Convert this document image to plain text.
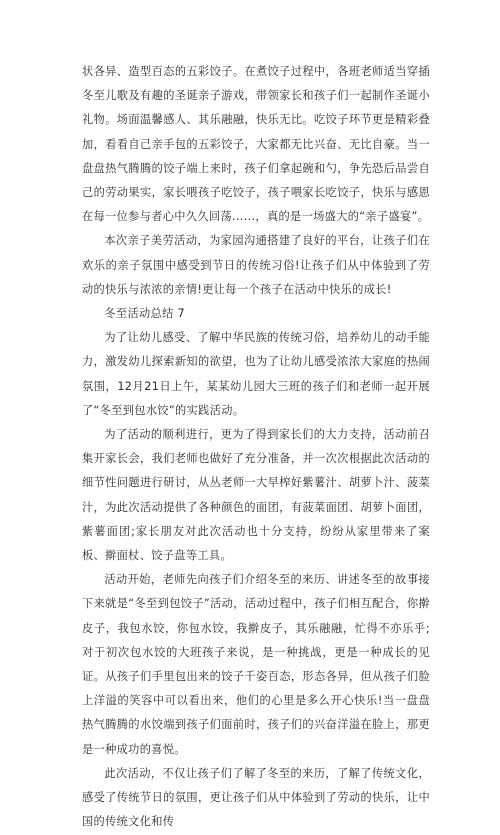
状各异、造型百态的五彩饺子。在煮饺子过程中，各班老师适当穿插冬至儿歌及有趣的圣诞亲子游戏，带领家长和孩子们一起制作圣诞小礼物。场面温馨感人、其乐融融，快乐无比。吃饺子环节更是精彩叠加，看看自己亲手包的五彩饺子，大家都无比兴奋、无比自豪。当一盘盘热气腾腾的饺子端上来时，孩子们拿起碗和勺，争先恐后品尝自己的劳动果实，家长喂孩子吃饺子，孩子喂家长吃饺子，快乐与感恩在每一位参与者心中久久回荡......，真的是一场盛大的“亲子盛宴”。

本次亲子美劳活动，为家园沟通搭建了良好的平台，让孩子们在欢乐的亲子氛围中感受到节日的传统习俗!让孩子们从中体验到了劳动的快乐与浓浓的亲情!更让每一个孩子在活动中快乐的成长!

冬至活动总结 7

为了让幼儿感受、了解中华民族的传统习俗，培养幼儿的动手能力，激发幼儿探索新知的欲望，也为了让幼儿感受浓浓大家庭的热闹氛围，12月21日上午，某某幼儿园大三班的孩子们和老师一起开展了“冬至到包水饺”的实践活动。

为了活动的顺利进行，更为了得到家长们的大力支持，活动前召集开家长会，我们老师也做好了充分准备，并一次次根据此次活动的细节性问题进行研讨，从丛老师一大早榨好紫薯汁、胡萝卜汁、菠菜汁，为此次活动提供了各种颜色的面团，有菠菜面团、胡萝卜面团，紫薯面团;家长朋友对此次活动也十分支持，纷纷从家里带来了案板、擀面杖、饺子盘等工具。

活动开始，老师先向孩子们介绍冬至的来历、讲述冬至的故事接下来就是“冬至到包饺子”活动，活动过程中，孩子们相互配合，你擀皮子，我包水饺，你包水饺，我擀皮子，其乐融融，忙得不亦乐乎;对于初次包水饺的大班孩子来说，是一种挑战，更是一种成长的见证。从孩子们手里包出来的饺子千姿百态，形态各异，但从孩子们脸上洋溢的笑容中可以看出来，他们的心里是多么开心快乐!当一盘盘热气腾腾的水饺端到孩子们面前时，孩子们的兴奋洋溢在脸上，那更是一种成功的喜悦。

此次活动，不仅让孩子们了解了冬至的来历，了解了传统文化，感受了传统节日的氛围，更让孩子们从中体验到了劳动的快乐，让中国的传统文化和传
